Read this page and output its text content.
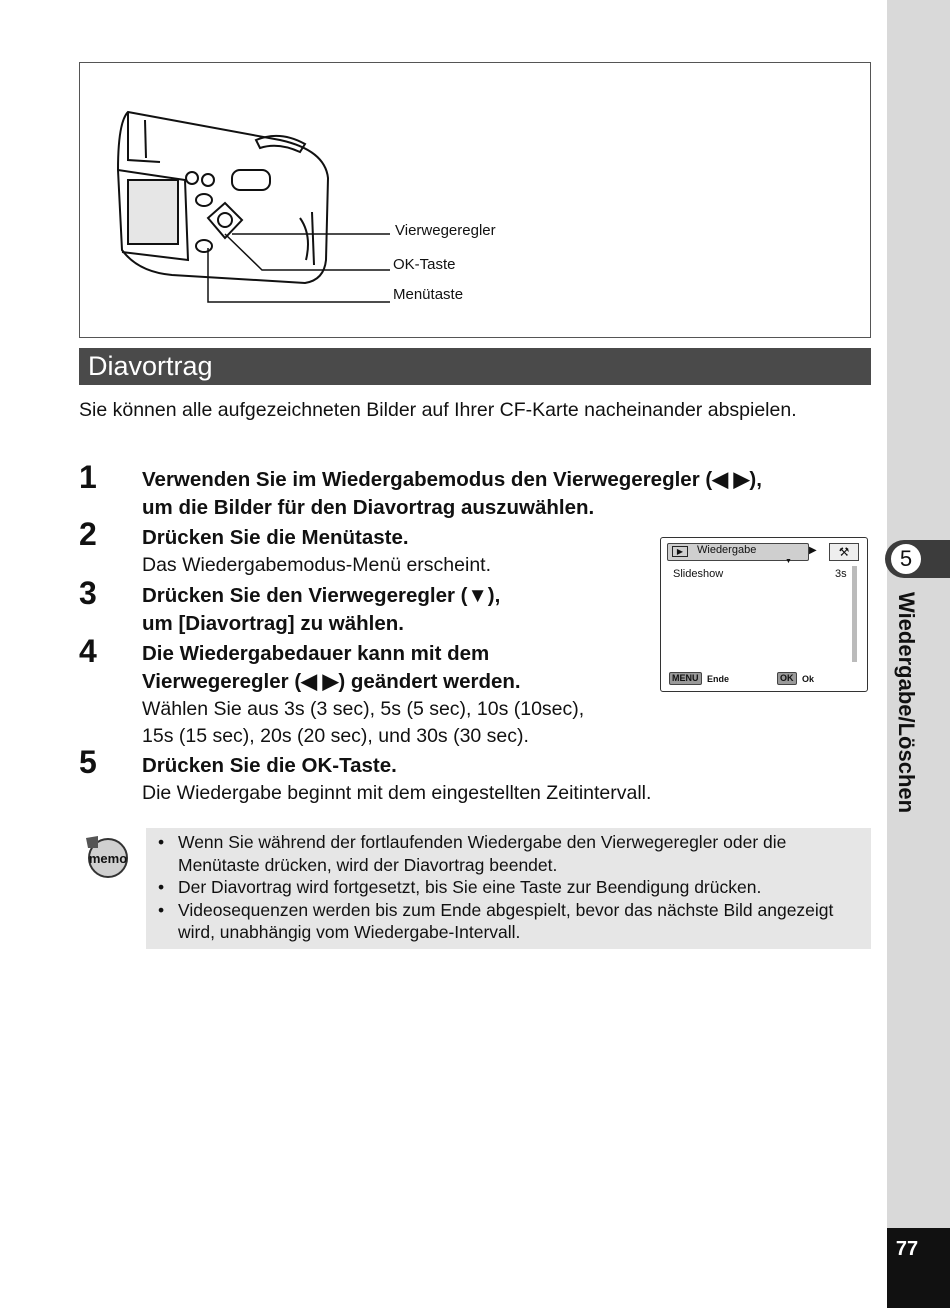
5
Wiedergabe/Löschen
77
Vierwegeregler
OK-Taste
Menütaste
Diavortrag
Sie können alle aufgezeichneten Bilder auf Ihrer CF-Karte nacheinander abspielen.
1 Verwenden Sie im Wiedergabemodus den Vierwegeregler (◀ ▶),
um die Bilder für den Diavortrag auszuwählen.
2 Drücken Sie die Menütaste.
Das Wiedergabemodus-Menü erscheint.
3 Drücken Sie den Vierwegeregler (▼),
um [Diavortrag] zu wählen.
4 Die Wiedergabedauer kann mit dem
Vierwegeregler (◀ ▶) geändert werden.
Wählen Sie aus 3s (3 sec), 5s (5 sec), 10s (10sec),
15s (15 sec), 20s (20 sec), und 30s (30 sec).
5 Drücken Sie die OK-Taste.
Die Wiedergabe beginnt mit dem eingestellten Zeitintervall.
▶	Wiedergabe	▶	⚒
▼
Slideshow	3s
MENU Ende	OK Ok
memo
• Wenn Sie während der fortlaufenden Wiedergabe den Vierwegeregler oder die Menütaste drücken, wird der Diavortrag beendet.
• Der Diavortrag wird fortgesetzt, bis Sie eine Taste zur Beendigung drücken.
• Videosequenzen werden bis zum Ende abgespielt, bevor das nächste Bild angezeigt wird, unabhängig vom Wiedergabe-Intervall.
